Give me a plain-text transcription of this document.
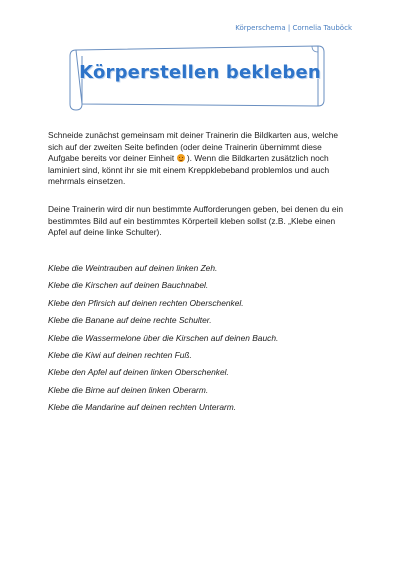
Körperschema | Cornelia Tauböck
Körperstellen bekleben

Schneide zunächst gemeinsam mit deiner Trainerin die Bildkarten aus, welche sich auf der zweiten Seite befinden (oder deine Trainerin übernimmt diese Aufgabe bereits vor deiner Einheit  ). Wenn die Bildkarten zusätzlich noch laminiert sind, könnt ihr sie mit einem Kreppklebeband problemlos und auch mehrmals einsetzen.

Deine Trainerin wird dir nun bestimmte Aufforderungen geben, bei denen du ein bestimmtes Bild auf ein bestimmtes Körperteil kleben sollst (z.B. „Klebe einen Apfel auf deine linke Schulter).

Klebe die Weintrauben auf deinen linken Zeh.
Klebe die Kirschen auf deinen Bauchnabel.
Klebe den Pfirsich auf deinen rechten Oberschenkel.
Klebe die Banane auf deine rechte Schulter.
Klebe die Wassermelone über die Kirschen auf deinen Bauch.
Klebe die Kiwi auf deinen rechten Fuß.
Klebe den Apfel auf deinen linken Oberschenkel.
Klebe die Birne auf deinen linken Oberarm.
Klebe die Mandarine auf deinen rechten Unterarm.
